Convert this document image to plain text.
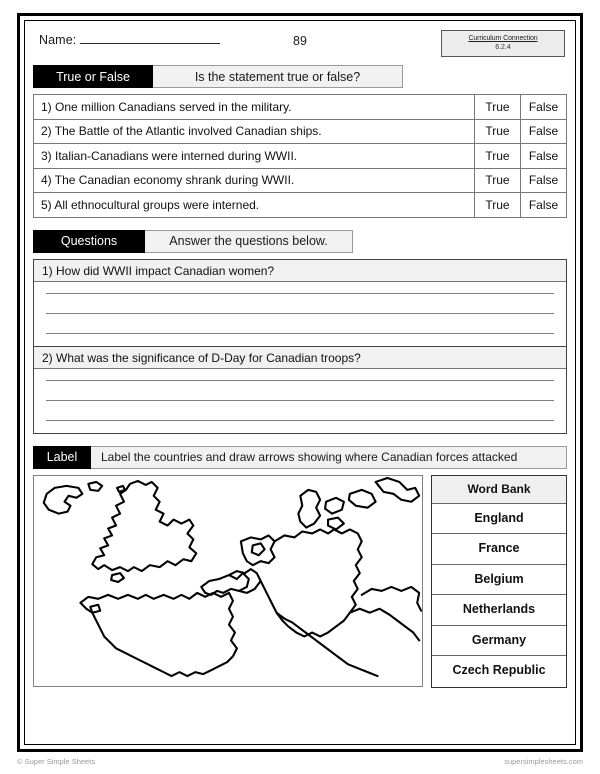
Name:	89	Curriculum Connection
6.2.4
True or False	Is the statement true or false?
1) One million Canadians served in the military.	True	False
2) The Battle of the Atlantic involved Canadian ships.	True	False
3) Italian-Canadians were interned during WWII.	True	False
4) The Canadian economy shrank during WWII.	True	False
5) All ethnocultural groups were interned.	True	False
Questions	Answer the questions below.
1) How did WWII impact Canadian women?
2) What was the significance of D-Day for Canadian troops?
Label	Label the countries and draw arrows showing where Canadian forces attacked
Word Bank
England
France
Belgium
Netherlands
Germany
Czech Republic
© Super Simple Sheets	supersimplesheets.com
